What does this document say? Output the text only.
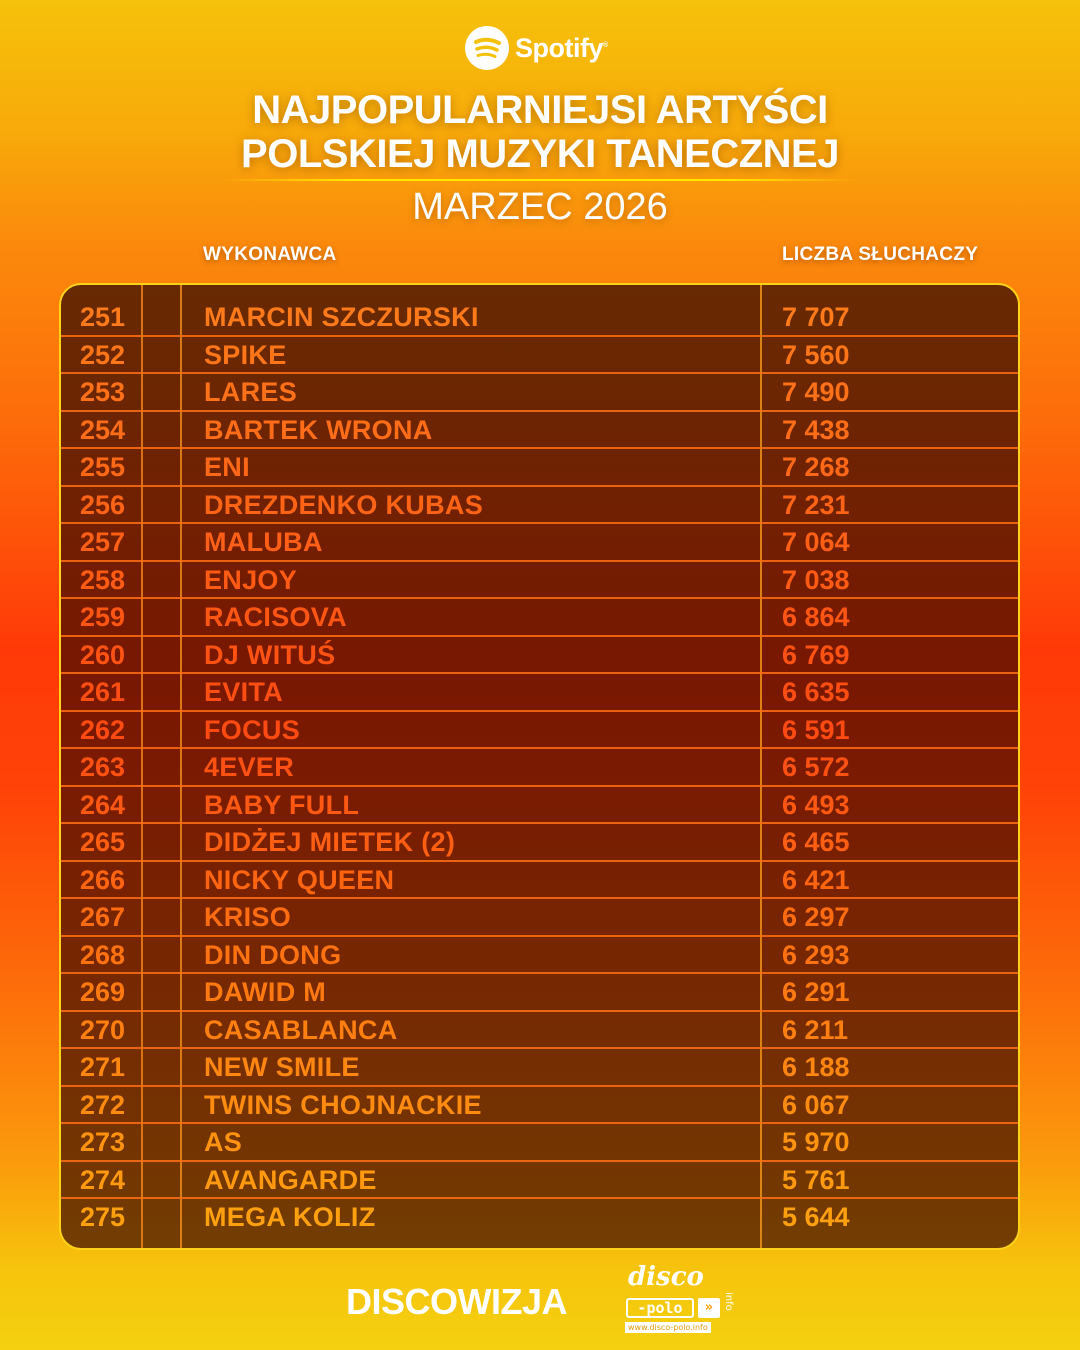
Spotify®
NAJPOPULARNIEJSI ARTYŚCI
POLSKIEJ MUZYKI TANECZNEJ
MARZEC 2026
WYKONAWCA	LICZBA SŁUCHACZY
251	MARCIN SZCZURSKI	7 707
252	SPIKE	7 560
253	LARES	7 490
254	BARTEK WRONA	7 438
255	ENI	7 268
256	DREZDENKO KUBAS	7 231
257	MALUBA	7 064
258	ENJOY	7 038
259	RACISOVA	6 864
260	DJ WITUŚ	6 769
261	EVITA	6 635
262	FOCUS	6 591
263	4EVER	6 572
264	BABY FULL	6 493
265	DIDŻEJ MIETEK (2)	6 465
266	NICKY QUEEN	6 421
267	KRISO	6 297
268	DIN DONG	6 293
269	DAWID M	6 291
270	CASABLANCA	6 211
271	NEW SMILE	6 188
272	TWINS CHOJNACKIE	6 067
273	AS	5 970
274	AVANGARDE	5 761
275	MEGA KOLIZ	5 644
DISCOWIZJA
disco
-polo	» info
www.disco-polo.info
